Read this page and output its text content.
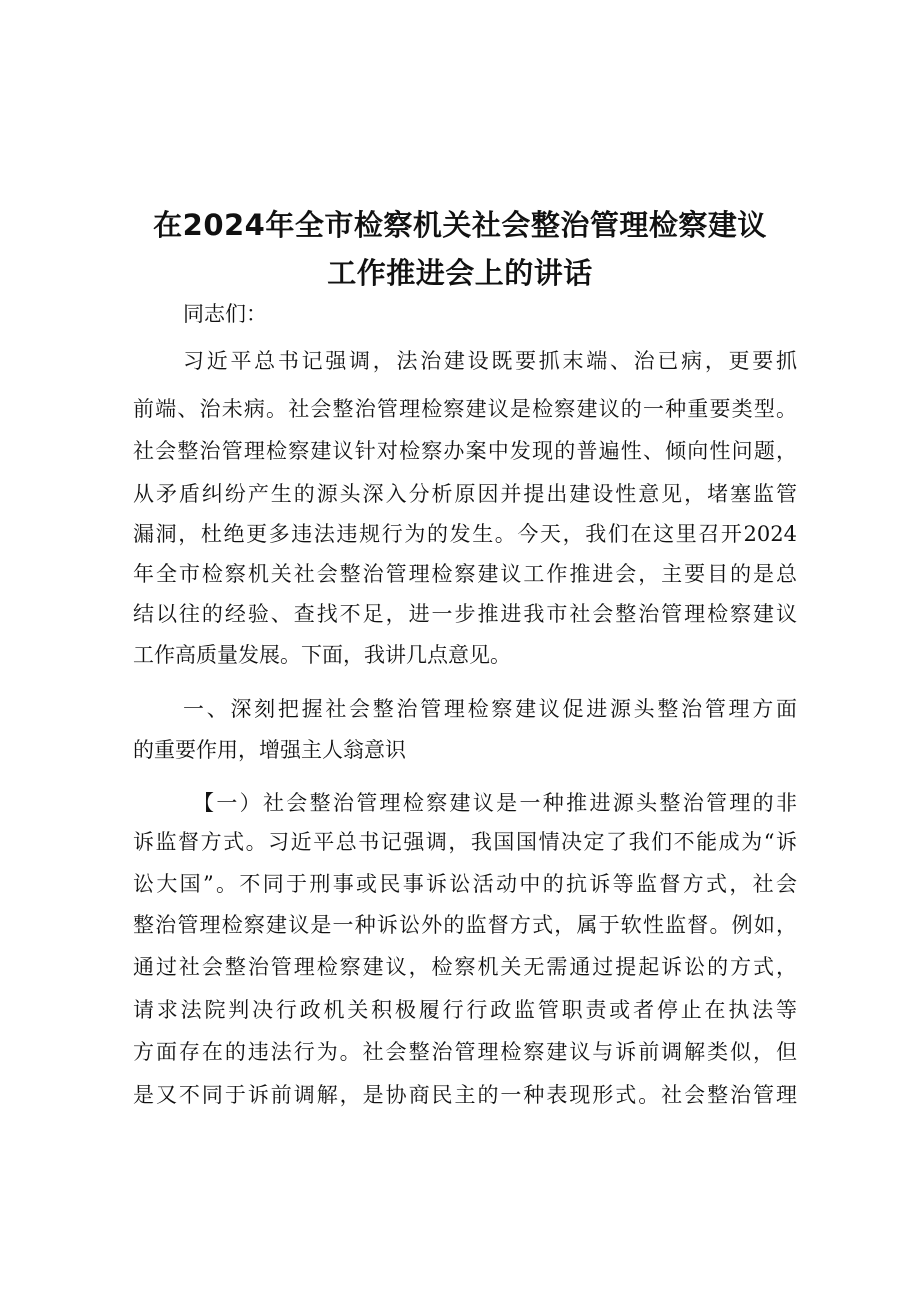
在2024年全市检察机关社会整治管理检察建议
工作推进会上的讲话
同志们：
习近平总书记强调，法治建设既要抓末端、治已病，更要抓
前端、治未病。社会整治管理检察建议是检察建议的一种重要类型。
社会整治管理检察建议针对检察办案中发现的普遍性、倾向性问题，
从矛盾纠纷产生的源头深入分析原因并提出建设性意见，堵塞监管
漏洞，杜绝更多违法违规行为的发生。今天，我们在这里召开2024
年全市检察机关社会整治管理检察建议工作推进会，主要目的是总
结以往的经验、查找不足，进一步推进我市社会整治管理检察建议
工作高质量发展。下面，我讲几点意见。
一、深刻把握社会整治管理检察建议促进源头整治管理方面
的重要作用，增强主人翁意识
【一）社会整治管理检察建议是一种推进源头整治管理的非
诉监督方式。习近平总书记强调，我国国情决定了我们不能成为“诉
讼大国”。不同于刑事或民事诉讼活动中的抗诉等监督方式，社会
整治管理检察建议是一种诉讼外的监督方式，属于软性监督。例如，
通过社会整治管理检察建议，检察机关无需通过提起诉讼的方式，
请求法院判决行政机关积极履行行政监管职责或者停止在执法等
方面存在的违法行为。社会整治管理检察建议与诉前调解类似，但
是又不同于诉前调解，是协商民主的一种表现形式。社会整治管理
